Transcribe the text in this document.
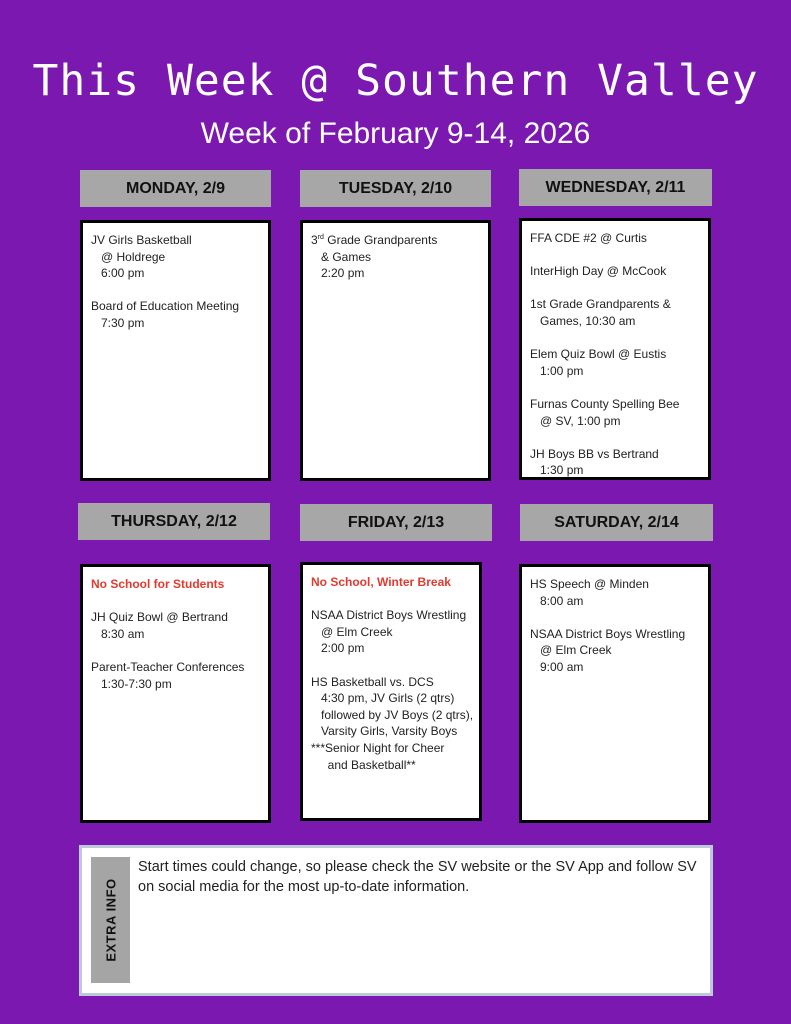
This Week @ Southern Valley
Week of February 9-14, 2026
MONDAY, 2/9	TUESDAY, 2/10	WEDNESDAY, 2/11
THURSDAY, 2/12	FRIDAY, 2/13	SATURDAY, 2/14
JV Girls Basketball
@ Holdrege
6:00 pm
Board of Education Meeting
7:30 pm
3rd Grade Grandparents
& Games
2:20 pm
FFA CDE #2 @ Curtis
InterHigh Day @ McCook
1st Grade Grandparents &
Games, 10:30 am
Elem Quiz Bowl @ Eustis
1:00 pm
Furnas County Spelling Bee
@ SV, 1:00 pm
JH Boys BB vs Bertrand
1:30 pm
No School for Students
JH Quiz Bowl @ Bertrand
8:30 am
Parent-Teacher Conferences
1:30-7:30 pm
No School, Winter Break
NSAA District Boys Wrestling
@ Elm Creek
2:00 pm
HS Basketball vs. DCS
4:30 pm, JV Girls (2 qtrs)
followed by JV Boys (2 qtrs),
Varsity Girls, Varsity Boys
***Senior Night for Cheer
and Basketball**
HS Speech @ Minden
8:00 am
NSAA District Boys Wrestling
@ Elm Creek
9:00 am
EXTRA INFO
Start times could change, so please check the SV website or the SV App and follow SV on social media for the most up-to-date information.
